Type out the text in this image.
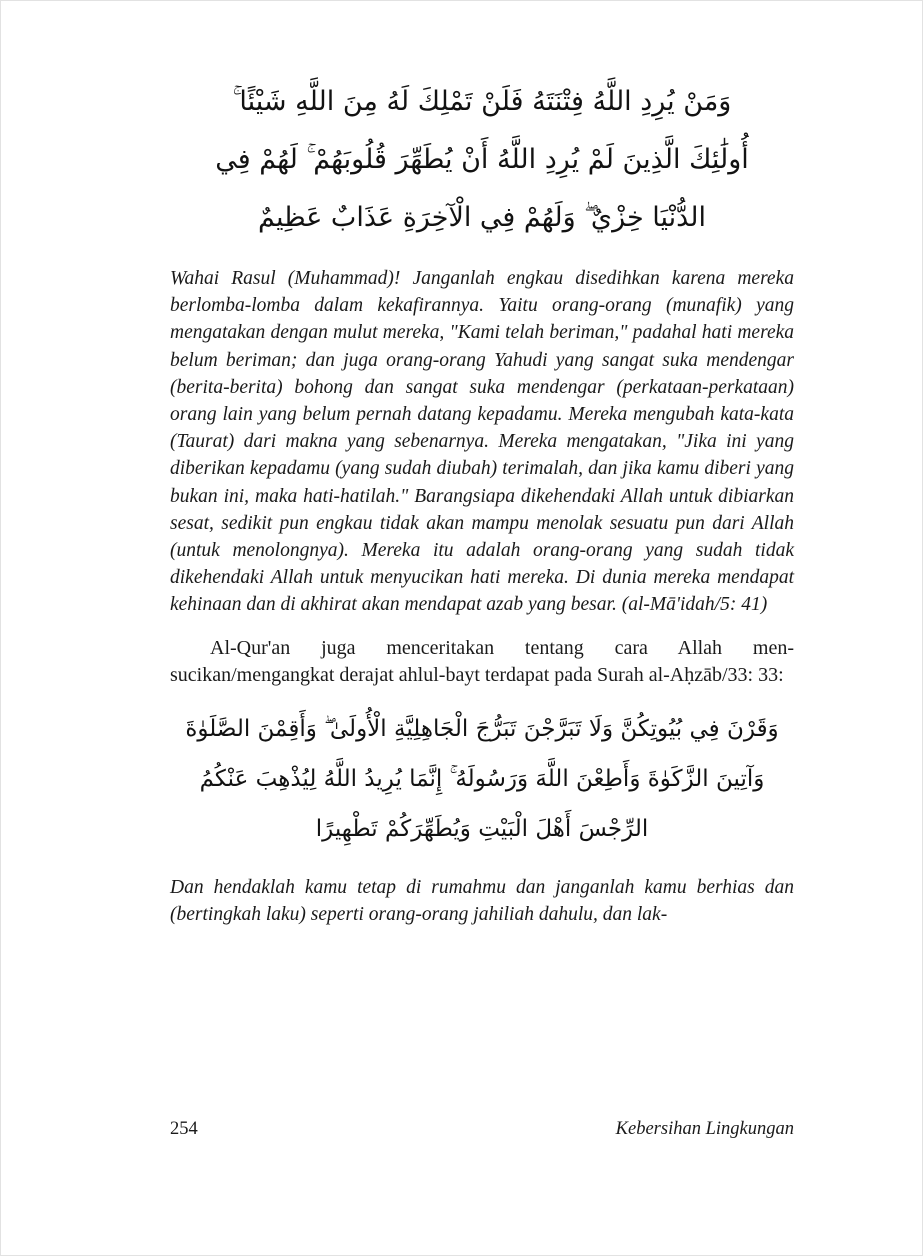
وَمَنْ يُرِدِ اللَّهُ فِتْنَتَهُ فَلَنْ تَمْلِكَ لَهُ مِنَ اللَّهِ شَيْئًا ۚ
أُولَٰئِكَ الَّذِينَ لَمْ يُرِدِ اللَّهُ أَنْ يُطَهِّرَ قُلُوبَهُمْ ۚ لَهُمْ فِي
الدُّنْيَا خِزْيٌ ۖ وَلَهُمْ فِي الْآخِرَةِ عَذَابٌ عَظِيمٌ

Wahai Rasul (Muhammad)! Janganlah engkau disedihkan karena mereka berlomba-lomba dalam kekafirannya. Yaitu orang-orang (munafik) yang mengatakan dengan mulut mereka, "Kami telah beriman," padahal hati mereka belum beriman; dan juga orang-orang Yahudi yang sangat suka mendengar (berita-berita) bohong dan sangat suka mendengar (perkataan-perkataan) orang lain yang belum pernah datang kepadamu. Mereka mengubah kata-kata (Taurat) dari makna yang sebenarnya. Mereka mengatakan, "Jika ini yang diberikan kepadamu (yang sudah diubah) terimalah, dan jika kamu diberi yang bukan ini, maka hati-hatilah." Barangsiapa dikehendaki Allah untuk dibiarkan sesat, sedikit pun engkau tidak akan mampu menolak sesuatu pun dari Allah (untuk menolongnya). Mereka itu adalah orang-orang yang sudah tidak dikehendaki Allah untuk menyucikan hati mereka. Di dunia mereka mendapat kehinaan dan di akhirat akan mendapat azab yang besar. (al-Mā'idah/5: 41)

Al-Qur'an juga menceritakan tentang cara Allah men-sucikan/mengangkat derajat ahlul-bayt terdapat pada Surah al-Aḥzāb/33: 33:

وَقَرْنَ فِي بُيُوتِكُنَّ وَلَا تَبَرَّجْنَ تَبَرُّجَ الْجَاهِلِيَّةِ الْأُولَىٰ ۖ وَأَقِمْنَ الصَّلَوٰةَ
وَآتِينَ الزَّكَوٰةَ وَأَطِعْنَ اللَّهَ وَرَسُولَهُ ۚ إِنَّمَا يُرِيدُ اللَّهُ لِيُذْهِبَ عَنْكُمُ
الرِّجْسَ أَهْلَ الْبَيْتِ وَيُطَهِّرَكُمْ تَطْهِيرًا

Dan hendaklah kamu tetap di rumahmu dan janganlah kamu berhias dan (bertingkah laku) seperti orang-orang jahiliah dahulu, dan lak-

254	Kebersihan Lingkungan
